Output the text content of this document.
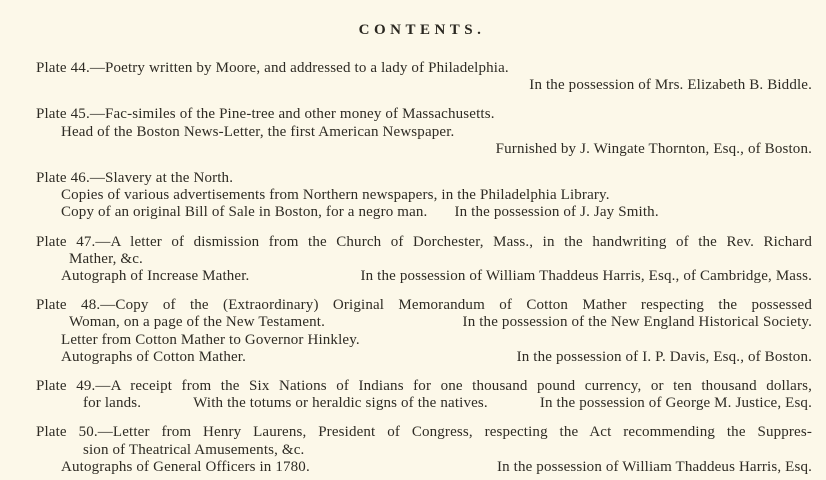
CONTENTS.
Plate 44.—Poetry written by Moore, and addressed to a lady of Philadelphia.
In the possession of Mrs. Elizabeth B. Biddle.
Plate 45.—Fac-similes of the Pine-tree and other money of Massachusetts.
Head of the Boston News-Letter, the first American Newspaper.
Furnished by J. Wingate Thornton, Esq., of Boston.
Plate 46.—Slavery at the North.
Copies of various advertisements from Northern newspapers, in the Philadelphia Library.
Copy of an original Bill of Sale in Boston, for a negro man. In the possession of J. Jay Smith.
Plate 47.—A letter of dismission from the Church of Dorchester, Mass., in the handwriting of the Rev. Richard
Mather, &c.
Autograph of Increase Mather.	In the possession of William Thaddeus Harris, Esq., of Cambridge, Mass.
Plate 48.—Copy of the (Extraordinary) Original Memorandum of Cotton Mather respecting the possessed
Woman, on a page of the New Testament.	In the possession of the New England Historical Society.
Letter from Cotton Mather to Governor Hinkley.
Autographs of Cotton Mather.	In the possession of I. P. Davis, Esq., of Boston.
Plate 49.—A receipt from the Six Nations of Indians for one thousand pound currency, or ten thousand dollars,
for lands.	With the totums or heraldic signs of the natives.	In the possession of George M. Justice, Esq.
Plate 50.—Letter from Henry Laurens, President of Congress, respecting the Act recommending the Suppres-
sion of Theatrical Amusements, &c.
Autographs of General Officers in 1780.	In the possession of William Thaddeus Harris, Esq.
